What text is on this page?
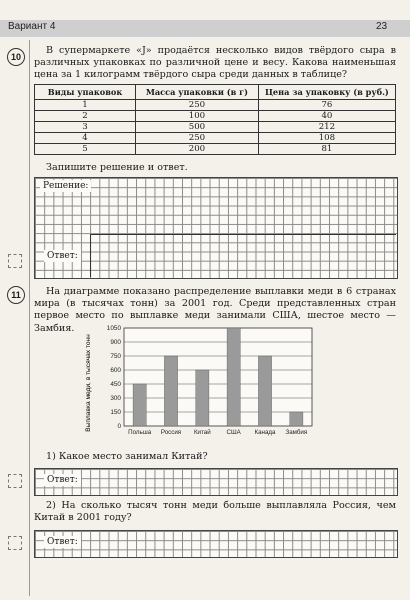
Вариант 4	23
10
В супермаркете «J» продаётся несколько видов твёрдого сыра в различных упаковках по различной цене и весу. Какова наименьшая цена за 1 килограмм твёрдого сыра среди данных в таблице?
Виды упаковок	Масса упаковки (в г)	Цена за упаковку (в руб.)
1	250	76
2	100	40
3	500	212
4	250	108
5	200	81
Запишите решение и ответ.
Решение:
Ответ:
11	На диаграмме показано распределение выплавки меди в 6 странах мира (в тысячах тонн) за 2001 год. Среди представленных стран первое место по выплавке меди занимали США, шестое место — Замбия.
Выплавка меди, в тысячах тонн	0
150
300
450
600
750
900
1050
Польша Россия Китай	США Канада Замбия
1) Какое место занимал Китай?
Ответ:
2) На сколько тысяч тонн меди больше выплавляла Россия, чем Китай в 2001 году?
Ответ:
